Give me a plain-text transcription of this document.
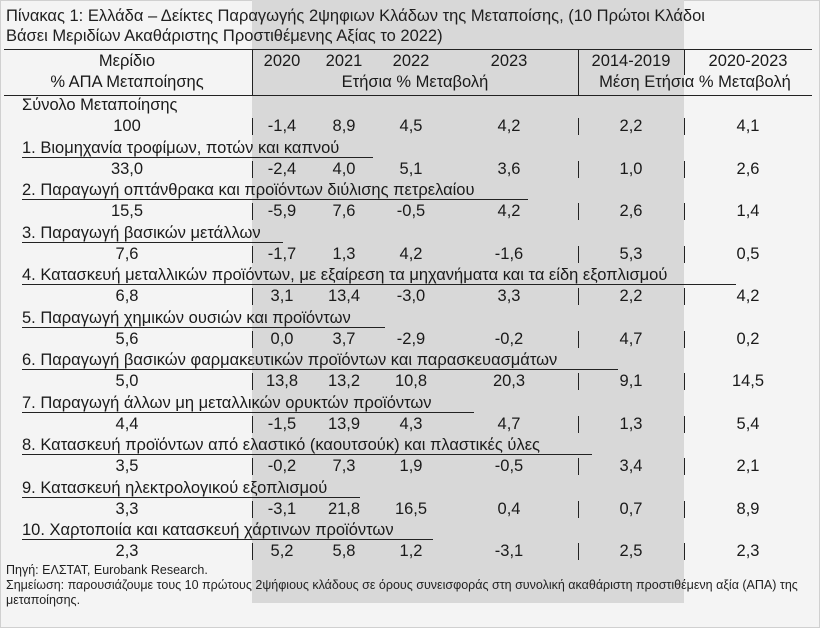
Πίνακας 1: Ελλάδα – Δείκτες Παραγωγής 2ψηφιων Κλάδων της Μεταποίσης, (10 Πρώτοι Κλάδοι
Βάσει Μεριδίων Ακαθάριστης Προστιθέμενης Αξίας το 2022)
Μερίδιο
% ΑΠΑ Μεταποίησης
2020	2021	2022	2023
Ετήσια % Μεταβολή
2014-2019	2020-2023
Μέση Ετήσια % Μεταβολή
Σύνολο Μεταποίησης
100	-1,4	8,9	4,5	4,2	2,2	4,1
1. Βιομηχανία τροφίμων, ποτών και καπνού
33,0	-2,4	4,0	5,1	3,6	1,0	2,6
2. Παραγωγή οπτάνθρακα και προϊόντων διύλισης πετρελαίου
15,5	-5,9	7,6	-0,5	4,2	2,6	1,4
3. Παραγωγή βασικών μετάλλων
7,6	-1,7	1,3	4,2	-1,6	5,3	0,5
4. Κατασκευή μεταλλικών προϊόντων, με εξαίρεση τα μηχανήματα και τα είδη εξοπλισμού
6,8	3,1	13,4	-3,0	3,3	2,2	4,2
5. Παραγωγή χημικών ουσιών και προϊόντων
5,6	0,0	3,7	-2,9	-0,2	4,7	0,2
6. Παραγωγή βασικών φαρμακευτικών προϊόντων και παρασκευασμάτων
5,0	13,8	13,2	10,8	20,3	9,1	14,5
7. Παραγωγή άλλων μη μεταλλικών ορυκτών προϊόντων
4,4	-1,5	13,9	4,3	4,7	1,3	5,4
8. Κατασκευή προϊόντων από ελαστικό (καουτσούκ) και πλαστικές ύλες
3,5	-0,2	7,3	1,9	-0,5	3,4	2,1
9. Κατασκευή ηλεκτρολογικού εξοπλισμού
3,3	-3,1	21,8	16,5	0,4	0,7	8,9
10. Χαρτοποιία και κατασκευή χάρτινων προϊόντων
2,3	5,2	5,8	1,2	-3,1	2,5	2,3
Πηγή: ΕΛΣΤΑΤ, Eurobank Research.
Σημείωση: παρουσιάζουμε τους 10 πρώτους 2ψήφιους κλάδους σε όρους συνεισφοράς στη συνολική ακαθάριστη προστιθέμενη αξία (ΑΠΑ) της μεταποίησης.
